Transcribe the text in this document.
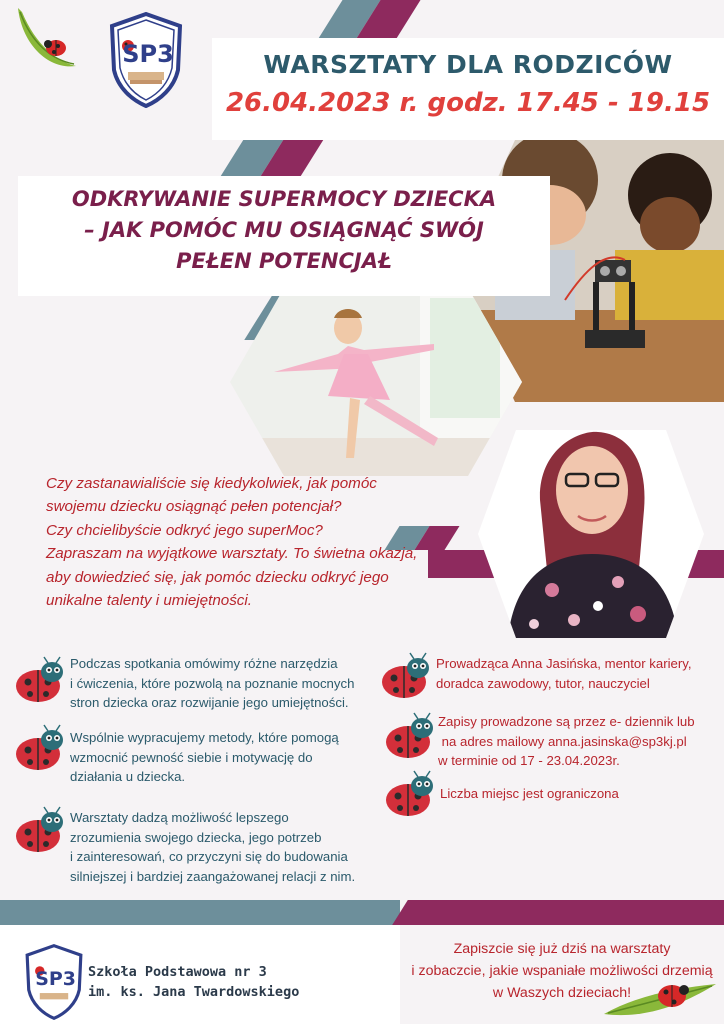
SP3	WARSZTATY DLA RODZICÓW
26.04.2023 r. godz. 17.45 - 19.15
ODKRYWANIE SUPERMOCY DZIECKA
– JAK POMÓC MU OSIĄGNĄĆ SWÓJ
PEŁEN POTENCJAŁ
Czy zastanawialiście się kiedykolwiek, jak pomóc
swojemu dziecku osiągnąć pełen potencjał?
Czy chcielibyście odkryć jego superMoc?
Zapraszam na wyjątkowe warsztaty. To świetna okazja,
aby dowiedzieć się, jak pomóc dziecku odkryć jego
unikalne talenty i umiejętności.
Podczas spotkania omówimy różne narzędzia
i ćwiczenia, które pozwolą na poznanie mocnych
stron dziecka oraz rozwijanie jego umiejętności.
Wspólnie wypracujemy metody, które pomogą
wzmocnić pewność siebie i motywację do
działania u dziecka.
Warsztaty dadzą możliwość lepszego
zrozumienia swojego dziecka, jego potrzeb
i zainteresowań, co przyczyni się do budowania
silniejszej i bardziej zaangażowanej relacji z nim.
Prowadząca Anna Jasińska, mentor kariery,
doradca zawodowy, tutor, nauczyciel
Zapisy prowadzone są przez e- dziennik lub
na adres mailowy anna.jasinska@sp3kj.pl
w terminie od 17 - 23.04.2023r.
Liczba miejsc jest ograniczona
SP3 Szkoła Podstawowa nr 3
im. ks. Jana Twardowskiego
Zapiszcie się już dziś na warsztaty
i zobaczcie, jakie wspaniałe możliwości drzemią
w Waszych dzieciach!
